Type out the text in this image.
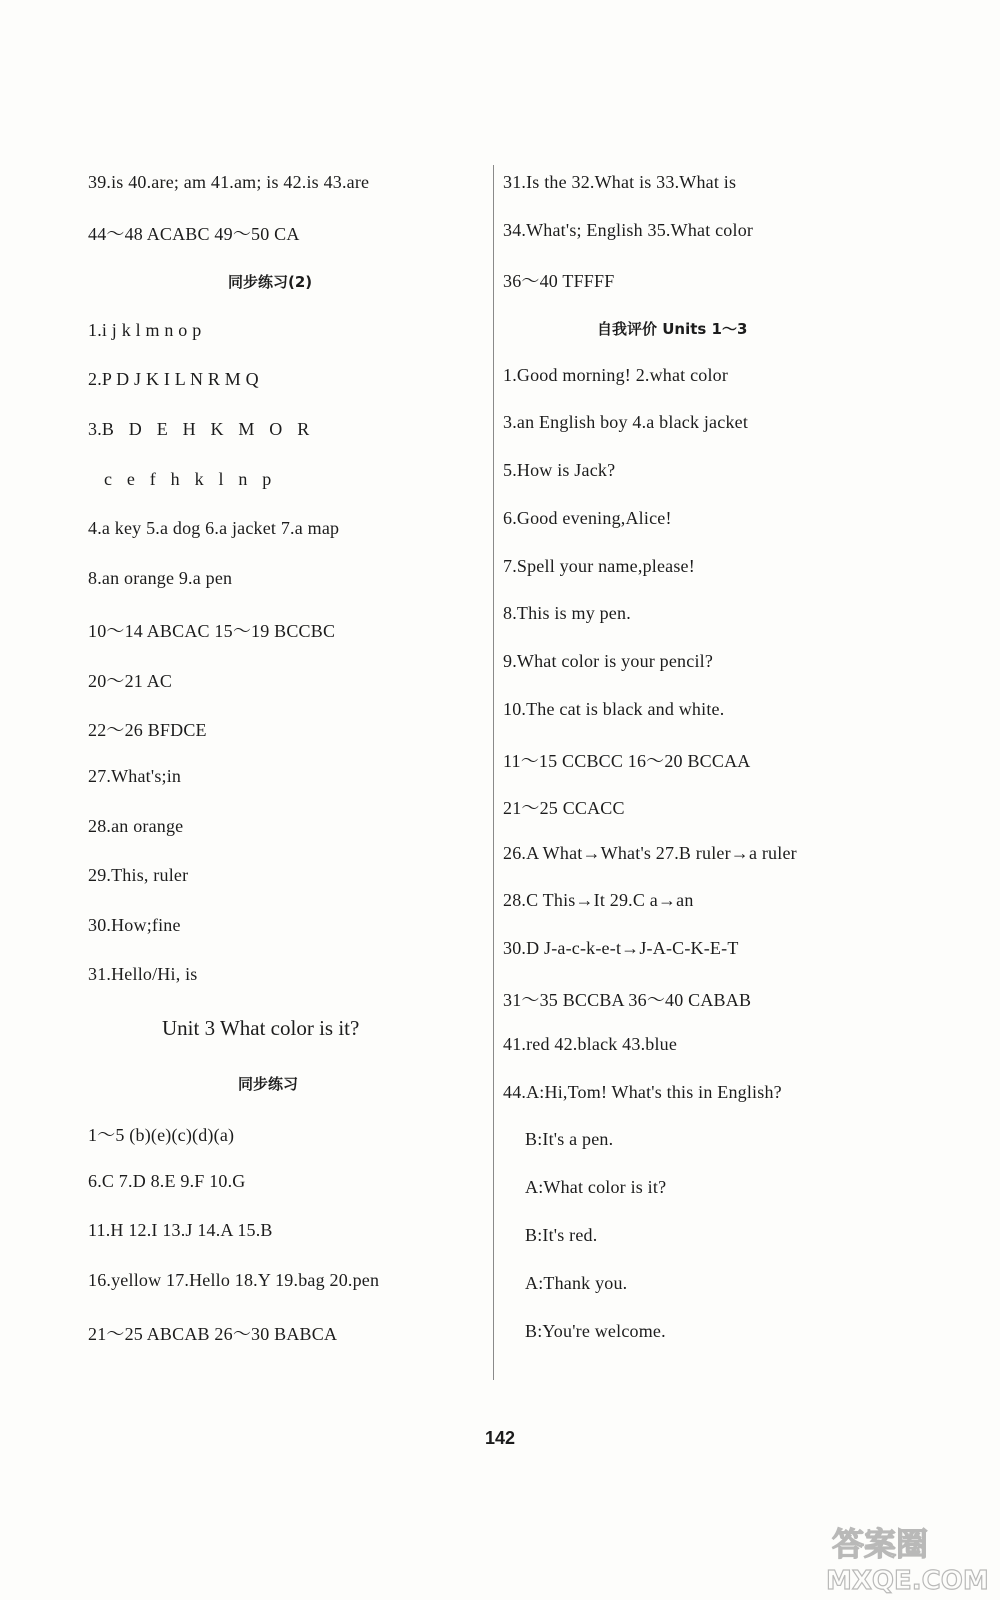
39.is 40.are; am 41.am; is 42.is 43.are
44～48 ACABC 49～50 CA
同步练习(2)
1.i j k l m n o p
2.P D J K I L N R M Q
3.B D E H K M O R
c e f h k l n p
4.a key 5.a dog 6.a jacket 7.a map
8.an orange 9.a pen
10～14 ABCAC 15～19 BCCBC
20～21 AC
22～26 BFDCE
27.What's;in
28.an orange
29.This, ruler
30.How;fine
31.Hello/Hi, is
Unit 3 What color is it?
同步练习
1～5 (b)(e)(c)(d)(a)
6.C 7.D 8.E 9.F 10.G
11.H 12.I 13.J 14.A 15.B
16.yellow 17.Hello 18.Y 19.bag 20.pen
21～25 ABCAB 26～30 BABCA
31.Is the 32.What is 33.What is
34.What's; English 35.What color
36～40 TFFFF
自我评价 Units 1～3
1.Good morning! 2.what color
3.an English boy 4.a black jacket
5.How is Jack?
6.Good evening,Alice!
7.Spell your name,please!
8.This is my pen.
9.What color is your pencil?
10.The cat is black and white.
11～15 CCBCC 16～20 BCCAA
21～25 CCACC
26.A What→What's 27.B ruler→a ruler
28.C This→It 29.C a→an
30.D J-a-c-k-e-t→J-A-C-K-E-T
31～35 BCCBA 36～40 CABAB
41.red 42.black 43.blue
44.A:Hi,Tom! What's this in English?
B:It's a pen.
A:What color is it?
B:It's red.
A:Thank you.
B:You're welcome.
142
答案圈
MXQE.COM
